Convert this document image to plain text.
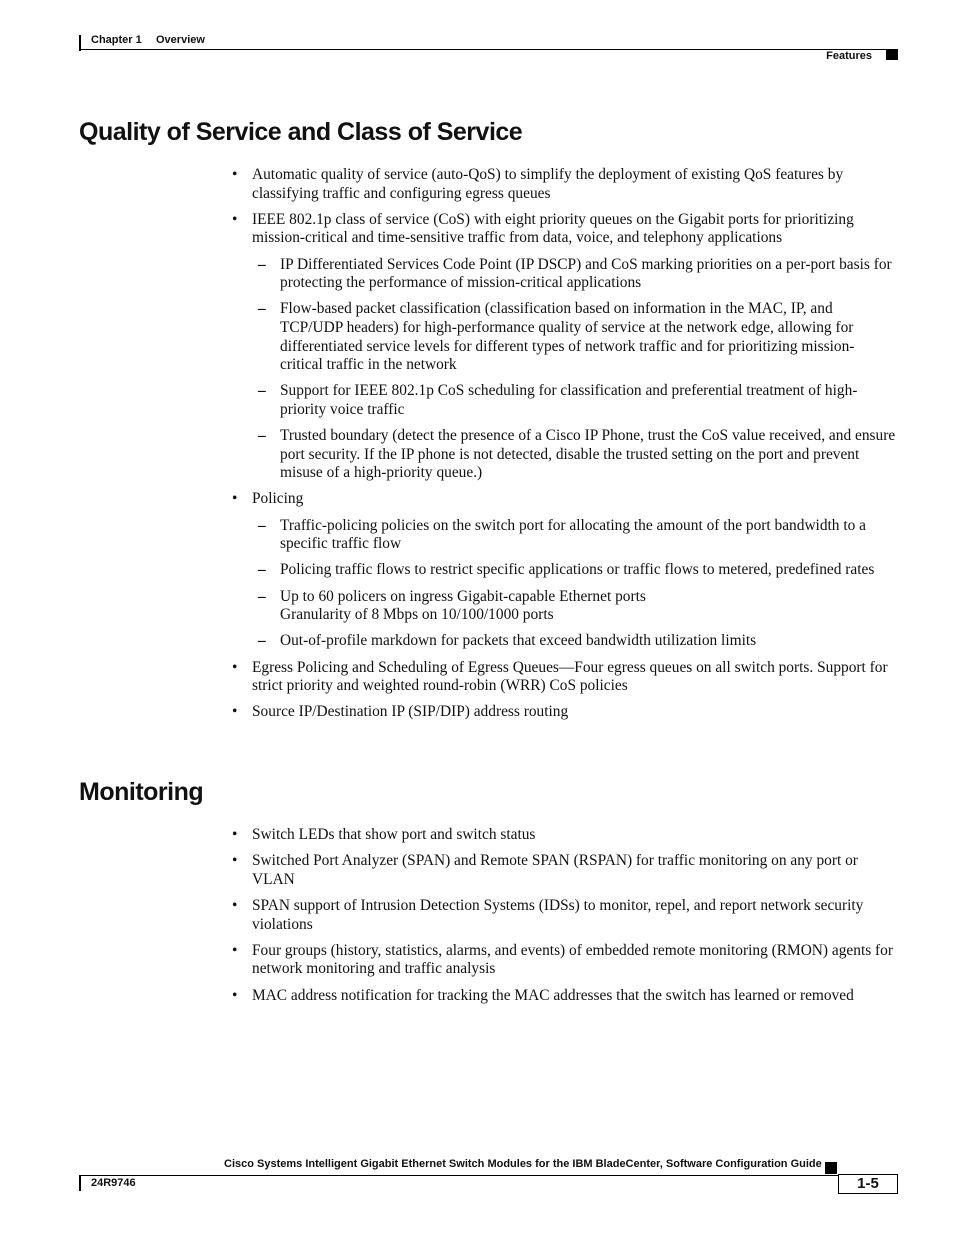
Chapter 1 Overview
Features
Quality of Service and Class of Service
• Automatic quality of service (auto-QoS) to simplify the deployment of existing QoS features by classifying traffic and configuring egress queues
• IEEE 802.1p class of service (CoS) with eight priority queues on the Gigabit ports for prioritizing mission-critical and time-sensitive traffic from data, voice, and telephony applications
– IP Differentiated Services Code Point (IP DSCP) and CoS marking priorities on a per-port basis for protecting the performance of mission-critical applications
– Flow-based packet classification (classification based on information in the MAC, IP, and TCP/UDP headers) for high-performance quality of service at the network edge, allowing for differentiated service levels for different types of network traffic and for prioritizing mission-critical traffic in the network
– Support for IEEE 802.1p CoS scheduling for classification and preferential treatment of high-priority voice traffic
– Trusted boundary (detect the presence of a Cisco IP Phone, trust the CoS value received, and ensure port security. If the IP phone is not detected, disable the trusted setting on the port and prevent misuse of a high-priority queue.)
• Policing
– Traffic-policing policies on the switch port for allocating the amount of the port bandwidth to a specific traffic flow
– Policing traffic flows to restrict specific applications or traffic flows to metered, predefined rates
– Up to 60 policers on ingress Gigabit-capable Ethernet ports
Granularity of 8 Mbps on 10/100/1000 ports
– Out-of-profile markdown for packets that exceed bandwidth utilization limits
• Egress Policing and Scheduling of Egress Queues—Four egress queues on all switch ports. Support for strict priority and weighted round-robin (WRR) CoS policies
• Source IP/Destination IP (SIP/DIP) address routing
Monitoring
• Switch LEDs that show port and switch status
• Switched Port Analyzer (SPAN) and Remote SPAN (RSPAN) for traffic monitoring on any port or VLAN
• SPAN support of Intrusion Detection Systems (IDSs) to monitor, repel, and report network security violations
• Four groups (history, statistics, alarms, and events) of embedded remote monitoring (RMON) agents for network monitoring and traffic analysis
• MAC address notification for tracking the MAC addresses that the switch has learned or removed
Cisco Systems Intelligent Gigabit Ethernet Switch Modules for the IBM BladeCenter, Software Configuration Guide
24R9746	1-5
